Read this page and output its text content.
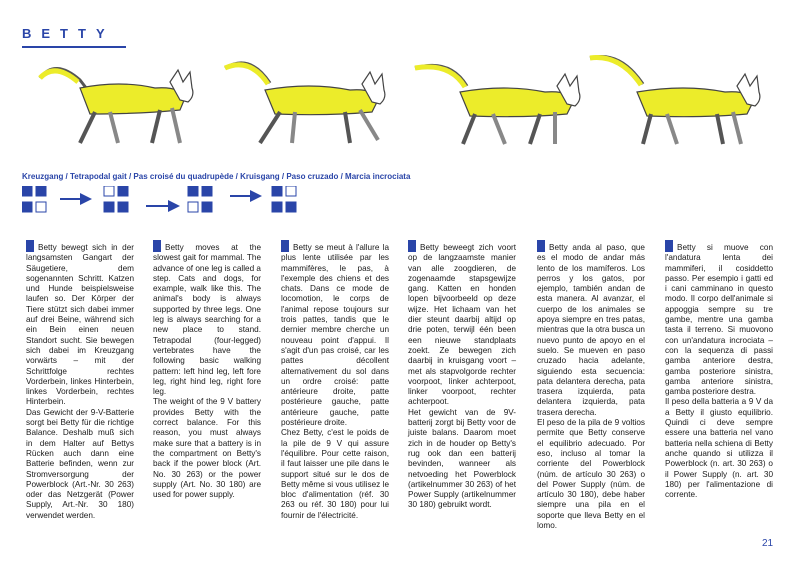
BETTY
Kreuzgang / Tetrapodal gait / Pas croisé du quadrupède / Kruisgang / Paso cruzado / Marcia incrociata

Betty bewegt sich in der langsamsten Gangart der Säugetiere, dem sogenannten Schritt. Katzen und Hunde beispielsweise laufen so. Der Körper der Tiere stützt sich dabei immer auf drei Beine, während sich ein Bein einen neuen Standort sucht. Sie bewegen sich dabei im Kreuzgang vorwärts – mit der Schrittfolge rechtes Vorderbein, linkes Hinterbein, linkes Vorderbein, rechtes Hinterbein.

Das Gewicht der 9-V-Batterie sorgt bei Betty für die richtige Balance. Deshalb muß sich in dem Halter auf Bettys Rücken auch dann eine Batterie befinden, wenn zur Stromversorgung der Powerblock (Art.-Nr. 30 263) oder das Netzgerät (Power Supply, Art.-Nr. 30 180) verwendet werden.

Betty moves at the slowest gait for mammal. The advance of one leg is called a step. Cats and dogs, for example, walk like this. The animal's body is always supported by three legs. One leg is always searching for a new place to stand. Tetrapodal (four-legged) vertebrates have the following basic walking pattern: left hind leg, left fore leg, right hind leg, right fore leg.

The weight of the 9 V battery provides Betty with the correct balance. For this reason, you must always make sure that a battery is in the compartment on Betty's back if the power block (Art. No. 30 263) or the power supply (Art. No. 30 180) are used for power supply.

Betty se meut à l'allure la plus lente utilisée par les mammifères, le pas, à l'exemple des chiens et des chats. Dans ce mode de locomotion, le corps de l'animal repose toujours sur trois pattes, tandis que le dernier membre cherche un nouveau point d'appui. Il s'agit d'un pas croisé, car les pattes décollent alternativement du sol dans un ordre croisé: patte antérieure droite, patte postérieure gauche, patte antérieure gauche, patte postérieure droite.

Chez Betty, c'est le poids de la pile de 9 V qui assure l'équilibre. Pour cette raison, il faut laisser une pile dans le support situé sur le dos de Betty même si vous utilisez le bloc d'alimentation (réf. 30 263 ou réf. 30 180) pour lui fournir de l'électricité.

Betty beweegt zich voort op de langzaamste manier van alle zoogdieren, de zogenaamde stapsgewijze gang. Katten en honden lopen bijvoorbeeld op deze wijze. Het lichaam van het dier steunt daarbij altijd op drie poten, terwijl één been een nieuwe standplaats zoekt. Ze bewegen zich daarbij in kruisgang voort – met als stapvolgorde rechter voorpoot, linker achterpoot, linker voorpoot, rechter achterpoot.

Het gewicht van de 9V-batterij zorgt bij Betty voor de juiste balans. Daarom moet zich in de houder op Betty's rug ook dan een batterij bevinden, wanneer als netvoeding het Powerblock (artikelnummer 30 263) of het Power Supply (artikelnummer 30 180) gebruikt wordt.

Betty anda al paso, que es el modo de andar más lento de los mamíferos. Los perros y los gatos, por ejemplo, también andan de esta manera. Al avanzar, el cuerpo de los animales se apoya siempre en tres patas, mientras que la otra busca un nuevo punto de apoyo en el suelo. Se mueven en paso cruzado hacia adelante, siguiendo esta secuencia: pata delantera derecha, pata trasera izquierda, pata delantera izquierda, pata trasera derecha.

El peso de la pila de 9 voltios permite que Betty conserve el equilibrio adecuado. Por eso, incluso al tomar la corriente del Powerblock (núm. de artículo 30 263) o del Power Supply (núm. de artículo 30 180), debe haber siempre una pila en el soporte que lleva Betty en el lomo.

Betty si muove con l'andatura lenta dei mammiferi, il cosiddetto passo. Per esempio i gatti ed i cani camminano in questo modo. Il corpo dell'animale si appoggia sempre su tre gambe, mentre una gamba tasta il terreno. Si muovono con un'andatura incrociata – con la sequenza di passi gamba anteriore destra, gamba posteriore sinistra, gamba anteriore sinistra, gamba posteriore destra.

Il peso della batteria a 9 V da a Betty il giusto equilibrio. Quindi ci deve sempre essere una batteria nel vano batteria nella schiena di Betty anche quando si utilizza il Powerblock (n. art. 30 263) o il Power Supply (n. art. 30 180) per l'alimentazione di corrente.

21
